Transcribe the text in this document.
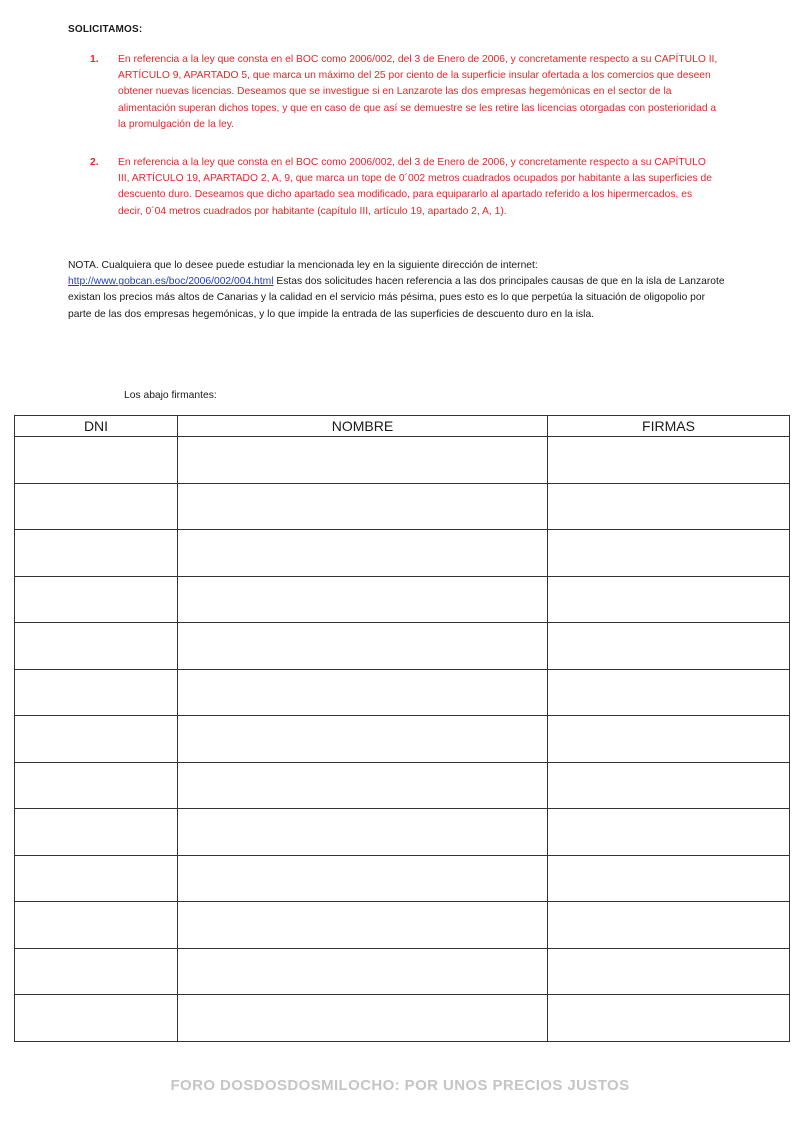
SOLICITAMOS:
1. En referencia a la ley que consta en el BOC como 2006/002, del 3 de Enero de 2006, y concretamente respecto a su CAPÍTULO II, ARTÍCULO 9, APARTADO 5, que marca un máximo del 25 por ciento de la superficie insular ofertada a los comercios que deseen obtener nuevas licencias. Deseamos que se investigue si en Lanzarote las dos empresas hegemónicas en el sector de la alimentación superan dichos topes, y que en caso de que así se demuestre se les retire las licencias otorgadas con posterioridad a la promulgación de la ley.
2. En referencia a la ley que consta en el BOC como 2006/002, del 3 de Enero de 2006, y concretamente respecto a su CAPÍTULO III, ARTÍCULO 19, APARTADO 2, A, 9, que marca un tope de 0´002 metros cuadrados ocupados por habitante a las superficies de descuento duro. Deseamos que dicho apartado sea modificado, para equipararlo al apartado referido a los hipermercados, es decir, 0´04 metros cuadrados por habitante (capítulo III, artículo 19, apartado 2, A, 1).
NOTA. Cualquiera que lo desee puede estudiar la mencionada ley en la siguiente dirección de internet:
http://www.gobcan.es/boc/2006/002/004.html Estas dos solicitudes hacen referencia a las dos principales causas de que en la isla de Lanzarote existan los precios más altos de Canarias y la calidad en el servicio más pésima, pues esto es lo que perpetúa la situación de oligopolio por parte de las dos empresas hegemónicas, y lo que impide la entrada de las superficies de descuento duro en la isla.
Los abajo firmantes:
DNI	NOMBRE	FIRMAS

FORO DOSDOSDOSMILOCHO: POR UNOS PRECIOS JUSTOS
